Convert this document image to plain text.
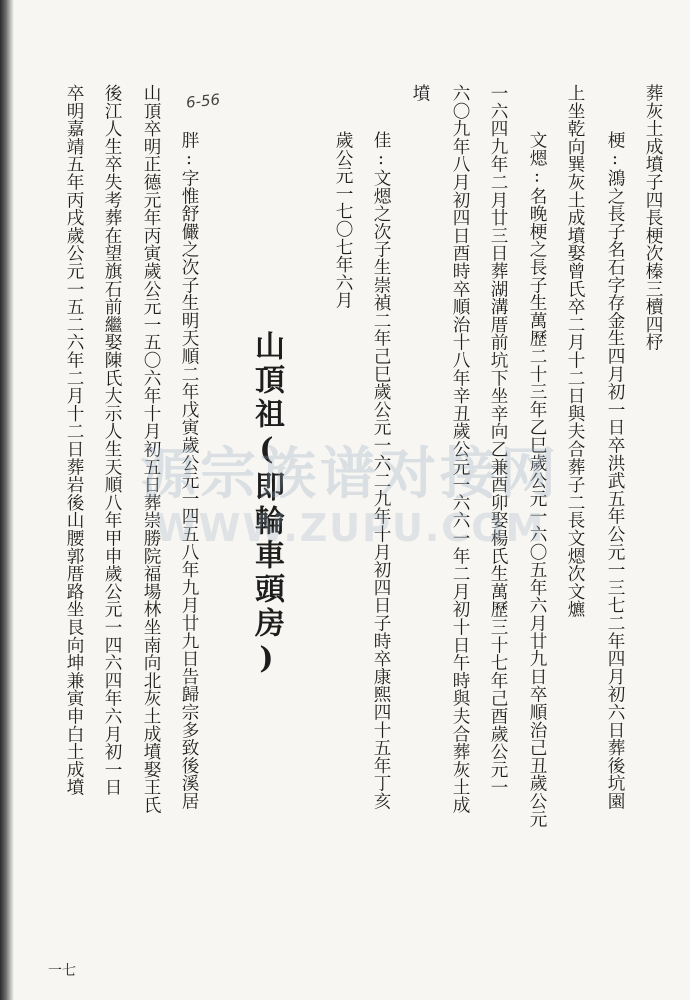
葬灰土成墳子四長梗次榛三櫝四杼
梗:鴻之長子名石字存金生四月初一日卒洪武五年公元一三七二年四月初六日葬後坑園
上坐乾向巽灰土成墳娶曾氏卒二月十二日與夫合葬子二長文煾次文爊
文煾:名晚梗之長子生萬歷二十三年乙巳歲公元一六〇五年六月廿九日卒順治己丑歲公元
一六四九年二月廿三日葬湖溝厝前坑下坐辛向乙兼酉卯娶楊氏生萬歷三十七年己酉歲公元一
六〇九年八月初四日酉時卒順治十八年辛丑歲公元一六六一年二月初十日午時與夫合葬灰土成
墳
佳:文煾之次子生崇禎二年己巳歲公元一六二九年十月初四日子時卒康熙四十五年丁亥
歲公元一七〇七年六月
山頂祖(即輪車頭房)
胖:字惟舒儼之次子生明天順二年戊寅歲公元一四五八年九月廿九日告歸宗多致後溪居
山頂卒明正德元年丙寅歲公元一五〇六年十月初五日葬崇勝院福場林坐南向北灰土成墳娶王氏
後江人生卒失考葬在望旗石前繼娶陳氏大示人生天順八年甲申歲公元一四六四年六月初一日
卒明嘉靖五年丙戌歲公元一五二六年二月十二日葬岩後山腰郭厝路坐艮向坤兼寅申白土成墳	6-56
一七
源宗族谱对接网
WWW.ZUPU.COM
